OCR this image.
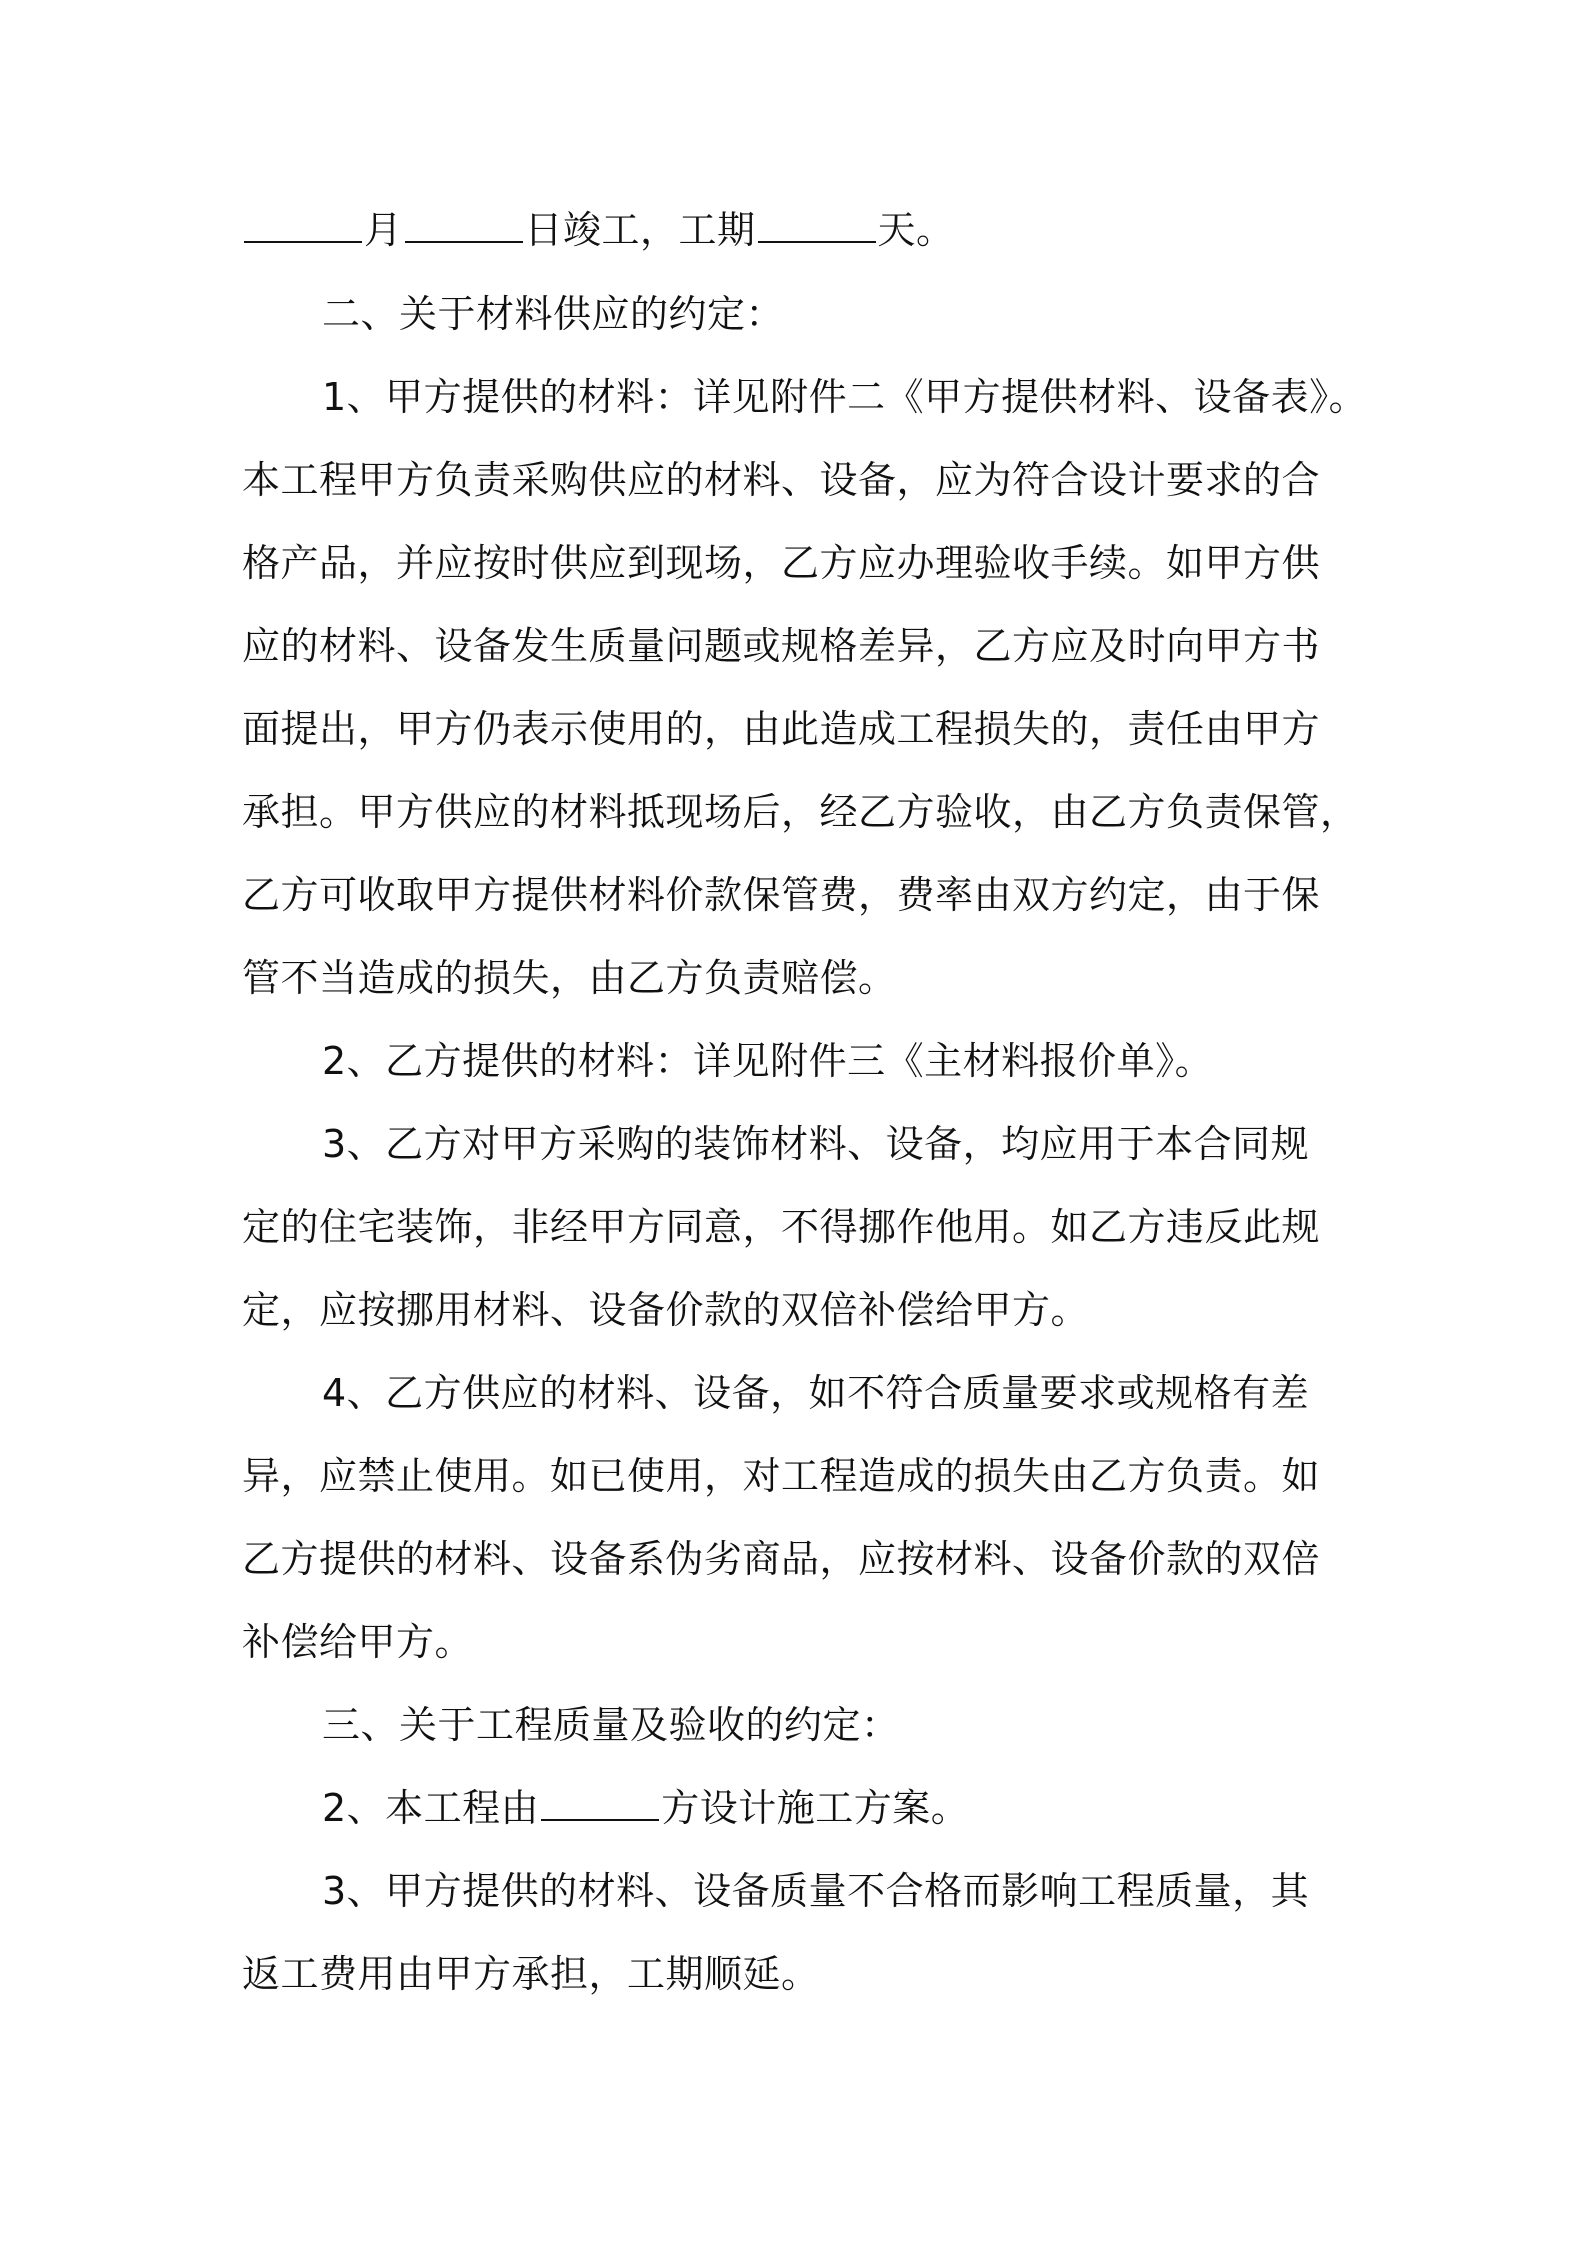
月	日竣工，工期	天。
二、关于材料供应的约定：
1、甲方提供的材料：详见附件二《甲方提供材料、设备表》。
本工程甲方负责采购供应的材料、设备，应为符合设计要求的合
格产品，并应按时供应到现场，乙方应办理验收手续。如甲方供
应的材料、设备发生质量问题或规格差异，乙方应及时向甲方书
面提出，甲方仍表示使用的，由此造成工程损失的，责任由甲方
承担。甲方供应的材料抵现场后，经乙方验收，由乙方负责保管，
乙方可收取甲方提供材料价款保管费，费率由双方约定，由于保
管不当造成的损失，由乙方负责赔偿。
2、乙方提供的材料：详见附件三《主材料报价单》。
3、乙方对甲方采购的装饰材料、设备，均应用于本合同规
定的住宅装饰，非经甲方同意，不得挪作他用。如乙方违反此规
定，应按挪用材料、设备价款的双倍补偿给甲方。
4、乙方供应的材料、设备，如不符合质量要求或规格有差
异，应禁止使用。如已使用，对工程造成的损失由乙方负责。如
乙方提供的材料、设备系伪劣商品，应按材料、设备价款的双倍
补偿给甲方。
三、关于工程质量及验收的约定：
2、本工程由	方设计施工方案。
3、甲方提供的材料、设备质量不合格而影响工程质量，其
返工费用由甲方承担，工期顺延。
